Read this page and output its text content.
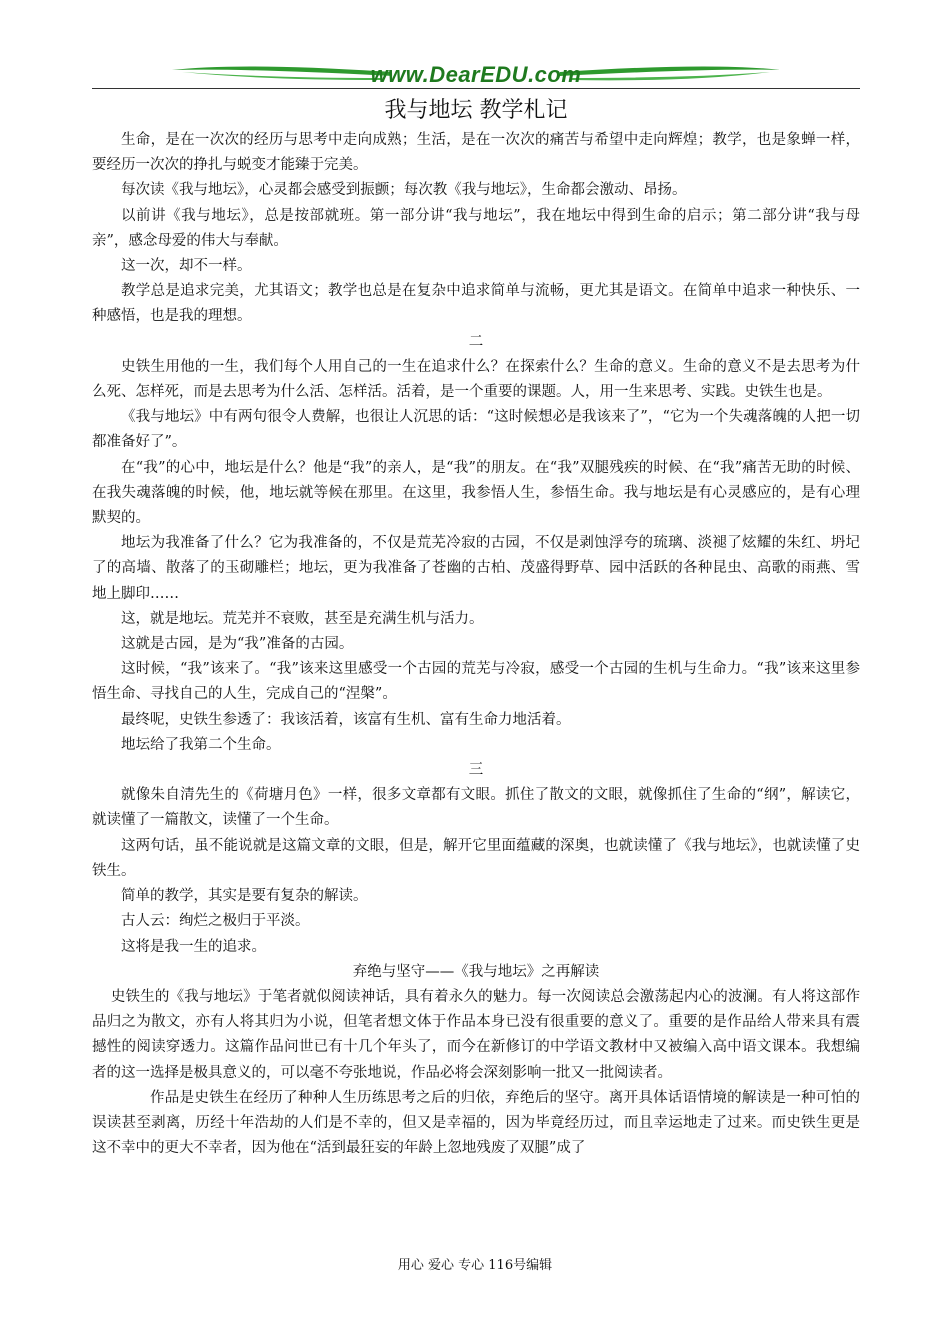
www.DearEDU.com
我与地坛 教学札记

生命，是在一次次的经历与思考中走向成熟；生活，是在一次次的痛苦与希望中走向辉煌；教学，也是象蝉一样，要经历一次次的挣扎与蜕变才能臻于完美。

每次读《我与地坛》，心灵都会感受到振颤；每次教《我与地坛》，生命都会激动、昂扬。

以前讲《我与地坛》，总是按部就班。第一部分讲“我与地坛”，我在地坛中得到生命的启示；第二部分讲“我与母亲”，感念母爱的伟大与奉献。

这一次，却不一样。

教学总是追求完美，尤其语文；教学也总是在复杂中追求简单与流畅，更尤其是语文。在简单中追求一种快乐、一种感悟，也是我的理想。

二

史铁生用他的一生，我们每个人用自己的一生在追求什么？在探索什么？生命的意义。生命的意义不是去思考为什么死、怎样死，而是去思考为什么活、怎样活。活着，是一个重要的课题。人，用一生来思考、实践。史铁生也是。

《我与地坛》中有两句很令人费解，也很让人沉思的话：“这时候想必是我该来了”，“它为一个失魂落魄的人把一切都准备好了”。

在“我”的心中，地坛是什么？他是“我”的亲人，是“我”的朋友。在“我”双腿残疾的时候、在“我”痛苦无助的时候、在我失魂落魄的时候，他，地坛就等候在那里。在这里，我参悟人生，参悟生命。我与地坛是有心灵感应的，是有心理默契的。

地坛为我准备了什么？它为我准备的，不仅是荒芜冷寂的古园，不仅是剥蚀浮夸的琉璃、淡褪了炫耀的朱红、坍圮了的高墙、散落了的玉砌雕栏；地坛，更为我准备了苍幽的古柏、茂盛得野草、园中活跃的各种昆虫、高歌的雨燕、雪地上脚印……

这，就是地坛。荒芜并不衰败，甚至是充满生机与活力。

这就是古园，是为“我”准备的古园。

这时候，“我”该来了。“我”该来这里感受一个古园的荒芜与冷寂，感受一个古园的生机与生命力。“我”该来这里参悟生命、寻找自己的人生，完成自己的“涅槃”。

最终呢，史铁生参透了：我该活着，该富有生机、富有生命力地活着。

地坛给了我第二个生命。

三

就像朱自清先生的《荷塘月色》一样，很多文章都有文眼。抓住了散文的文眼，就像抓住了生命的“纲”，解读它，就读懂了一篇散文，读懂了一个生命。

这两句话，虽不能说就是这篇文章的文眼，但是，解开它里面蕴藏的深奥，也就读懂了《我与地坛》，也就读懂了史铁生。

简单的教学，其实是要有复杂的解读。

古人云：绚烂之极归于平淡。

这将是我一生的追求。

弃绝与坚守——《我与地坛》之再解读

史铁生的《我与地坛》于笔者就似阅读神话，具有着永久的魅力。每一次阅读总会激荡起内心的波澜。有人将这部作品归之为散文，亦有人将其归为小说，但笔者想文体于作品本身已没有很重要的意义了。重要的是作品给人带来具有震撼性的阅读穿透力。这篇作品问世已有十几个年头了，而今在新修订的中学语文教材中又被编入高中语文课本。我想编者的这一选择是极具意义的，可以毫不夸张地说，作品必将会深刻影响一批又一批阅读者。

作品是史铁生在经历了种种人生历练思考之后的归依，弃绝后的坚守。离开具体话语情境的解读是一种可怕的误读甚至剥离，历经十年浩劫的人们是不幸的，但又是幸福的，因为毕竟经历过，而且幸运地走了过来。而史铁生更是这不幸中的更大不幸者，因为他在“活到最狂妄的年龄上忽地残废了双腿”成了

用心 爱心 专心 116号编辑
